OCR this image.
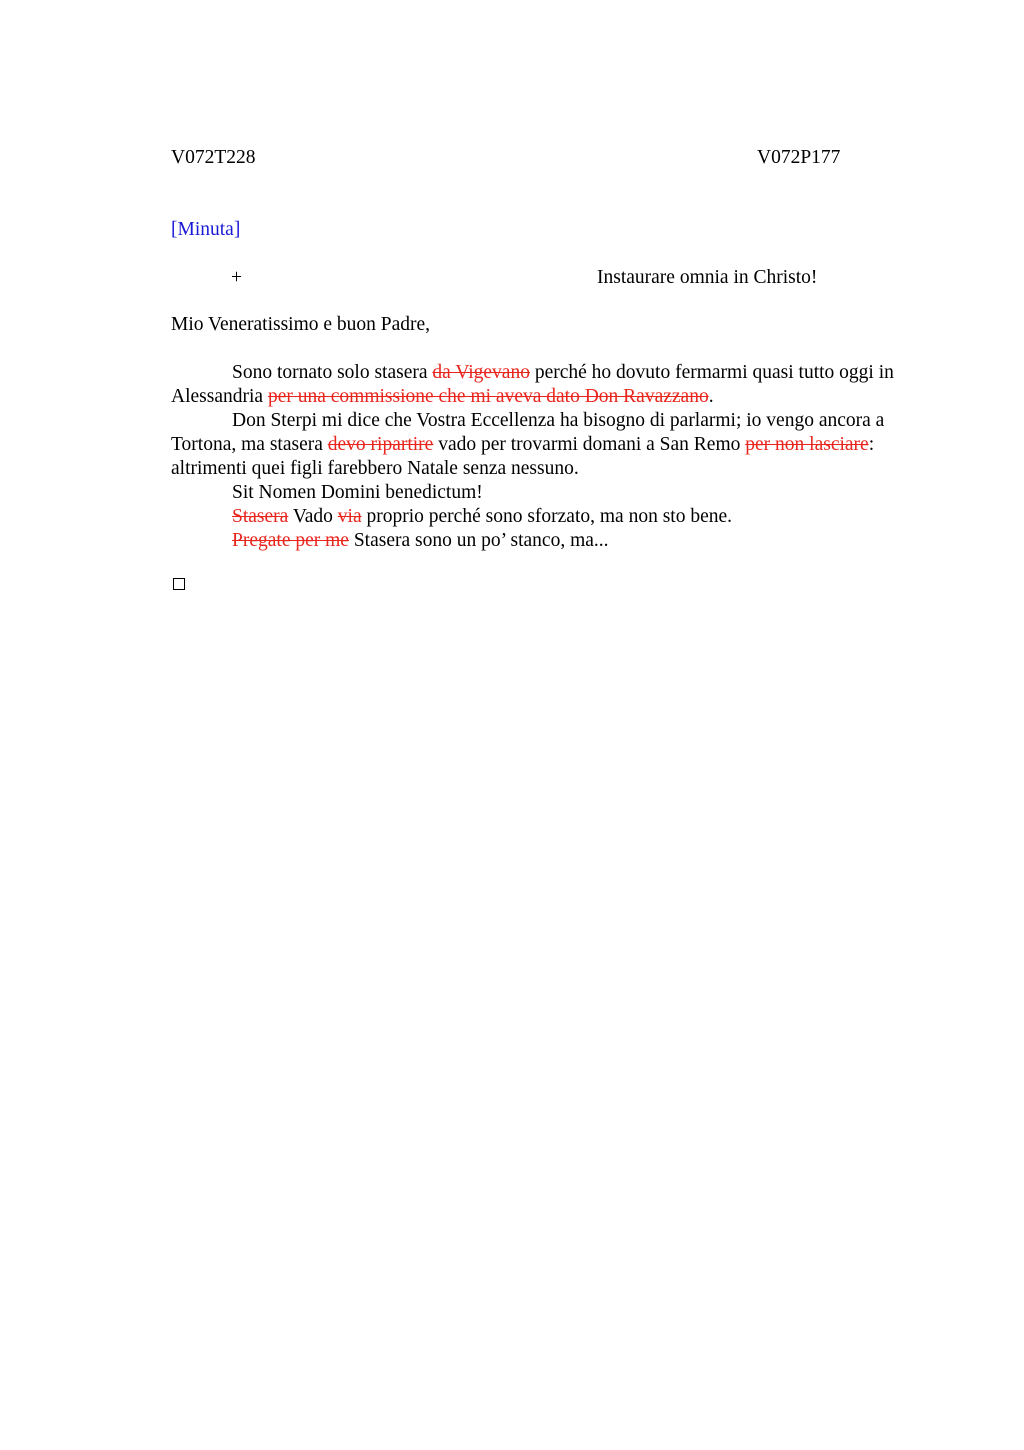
V072T228	V072P177
[Minuta]
+	Instaurare omnia in Christo!
Mio Veneratissimo e buon Padre,

Sono tornato solo stasera da Vigevano perché ho dovuto fermarmi quasi tutto oggi in Alessandria per una commissione che mi aveva dato Don Ravazzano.

Don Sterpi mi dice che Vostra Eccellenza ha bisogno di parlarmi; io vengo ancora a Tortona, ma stasera devo ripartire vado per trovarmi domani a San Remo per non lasciare: altrimenti quei figli farebbero Natale senza nessuno.

Sit Nomen Domini benedictum!

Stasera Vado via proprio perché sono sforzato, ma non sto bene.

Pregate per me Stasera sono un po’ stanco, ma...
